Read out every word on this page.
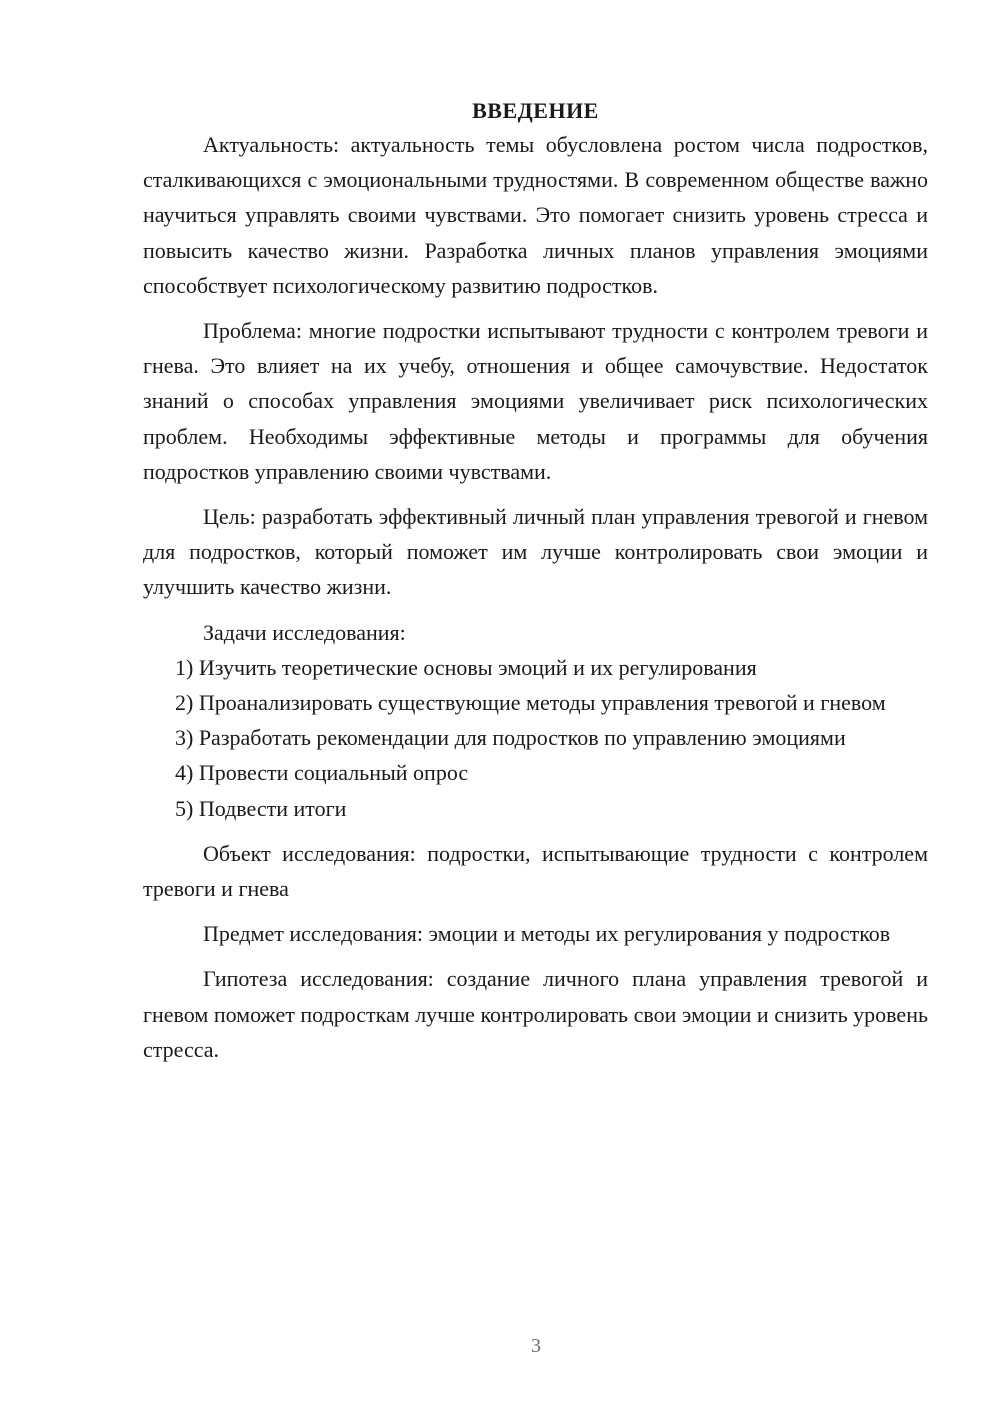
ВВЕДЕНИЕ

Актуальность: актуальность темы обусловлена ростом числа подростков, сталкивающихся с эмоциональными трудностями. В современном обществе важно научиться управлять своими чувствами. Это помогает снизить уровень стресса и повысить качество жизни. Разработка личных планов управления эмоциями способствует психологическому развитию подростков.

Проблема: многие подростки испытывают трудности с контролем тревоги и гнева. Это влияет на их учебу, отношения и общее самочувствие. Недостаток знаний о способах управления эмоциями увеличивает риск психологических проблем. Необходимы эффективные методы и программы для обучения подростков управлению своими чувствами.

Цель: разработать эффективный личный план управления тревогой и гневом для подростков, который поможет им лучше контролировать свои эмоции и улучшить качество жизни.

Задачи исследования:

1) Изучить теоретические основы эмоций и их регулирования

2) Проанализировать существующие методы управления тревогой и гневом

3) Разработать рекомендации для подростков по управлению эмоциями

4) Провести социальный опрос

5) Подвести итоги

Объект исследования: подростки, испытывающие трудности с контролем тревоги и гнева

Предмет исследования: эмоции и методы их регулирования у подростков

Гипотеза исследования: создание личного плана управления тревогой и гневом поможет подросткам лучше контролировать свои эмоции и снизить уровень стресса.

3
